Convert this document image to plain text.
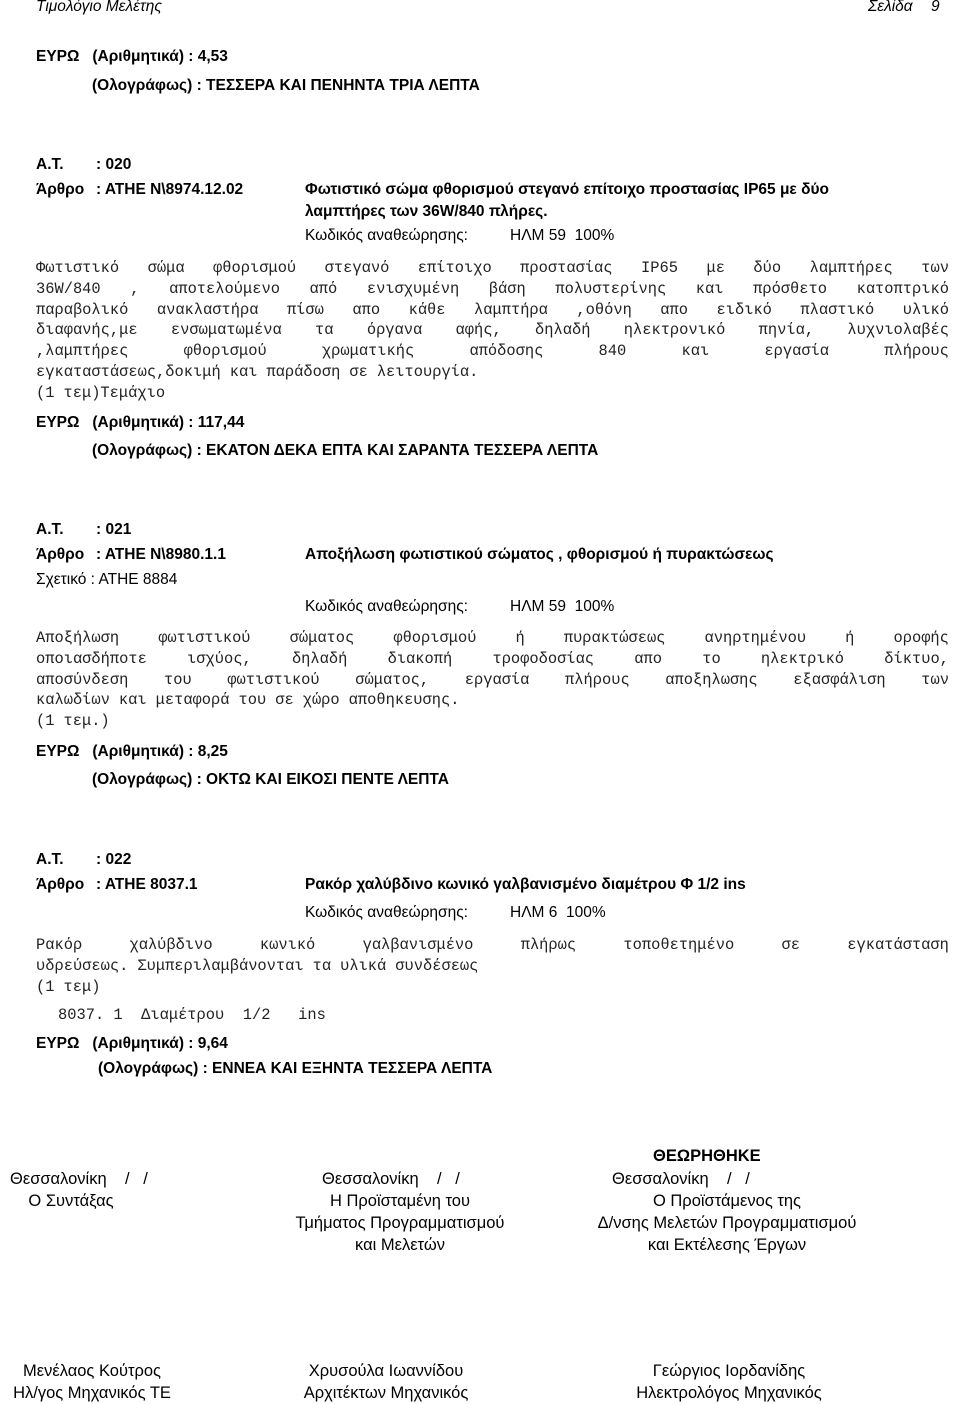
Τιμολόγιο Μελέτης	Σελίδα 9
ΕΥΡΩ   (Αριθμητικά) : 4,53
(Ολογράφως) : ΤΕΣΣΕΡΑ ΚΑΙ ΠΕΝΗΝΤΑ ΤΡΙΑ ΛΕΠΤΑ
Α.Τ. : 020
Άρθρο : ΑΤΗΕ Ν\8974.12.02	Φωτιστικό σώμα φθορισμού στεγανό επίτοιχο προστασίας IP65 με δύο
λαμπτήρες των 36W/840 πλήρες.
Κωδικός αναθεώρησης:	ΗΛΜ 59  100%
Φωτιστικό σώμα φθορισμού στεγανό επίτοιχο προστασίας IP65 με δύο λαμπτήρες των
36W/840 , αποτελούμενο από ενισχυμένη βάση πολυστερίνης και πρόσθετο κατοπτρικό
παραβολικό ανακλαστήρα πίσω απο κάθε λαμπτήρα ,οθόνη απο ειδικό πλαστικό υλικό
διαφανής,με ενσωματωμένα τα όργανα αφής, δηλαδή ηλεκτρονικό πηνία, λυχνιολαβές
,λαμπτήρες	φθορισμού	χρωματικής	απόδοσης	840	και	εργασία	πλήρους
εγκαταστάσεως,δοκιμή και παράδοση σε λειτουργία.
(1 τεμ)Τεμάχιο
ΕΥΡΩ   (Αριθμητικά) : 117,44
(Ολογράφως) : ΕΚΑΤΟΝ ΔΕΚΑ ΕΠΤΑ ΚΑΙ ΣΑΡΑΝΤΑ ΤΕΣΣΕΡΑ ΛΕΠΤΑ
Α.Τ. : 021
Άρθρο : ΑΤΗΕ Ν\8980.1.1	Αποξήλωση φωτιστικού σώματος , φθορισμού ή πυρακτώσεως
Σχετικό : ΑΤΗΕ 8884
Κωδικός αναθεώρησης:	ΗΛΜ 59  100%
Αποξήλωση	φωτιστικού	σώματος	φθορισμού	ή	πυρακτώσεως	ανηρτημένου	ή	οροφής
οποιασδήποτε	ισχύος,	δηλαδή	διακοπή	τροφοδοσίας	απο	το	ηλεκτρικό	δίκτυο,
αποσύνδεση του φωτιστικού σώματος, εργασία πλήρους αποξηλωσης εξασφάλιση των
καλωδίων και μεταφορά του σε χώρο αποθηκευσης.
(1 τεμ.)
ΕΥΡΩ   (Αριθμητικά) : 8,25
(Ολογράφως) : ΟΚΤΩ ΚΑΙ ΕΙΚΟΣΙ ΠΕΝΤΕ ΛΕΠΤΑ
Α.Τ. : 022
Άρθρο : ΑΤΗΕ 8037.1	Ρακόρ χαλύβδινο κωνικό γαλβανισμένο διαμέτρου Φ 1/2 ins
Κωδικός αναθεώρησης:	ΗΛΜ 6  100%
Ρακόρ	χαλύβδινο	κωνικό	γαλβανισμένο	πλήρως	τοποθετημένο	σε	εγκατάσταση
υδρεύσεως. Συμπεριλαμβάνονται τα υλικά συνδέσεως
(1 τεμ)
8037. 1  Διαμέτρου  1/2   ins
ΕΥΡΩ   (Αριθμητικά) : 9,64
(Ολογράφως) : ΕΝΝΕΑ ΚΑΙ ΕΞΗΝΤΑ ΤΕΣΣΕΡΑ ΛΕΠΤΑ
ΘΕΩΡΗΘΗΚΕ
Θεσσαλονίκη    /   /
Ο Συντάξας
Θεσσαλονίκη    /   /
Η Προϊσταμένη του
Τμήματος Προγραμματισμού
και Μελετών
Θεσσαλονίκη    /   /
Ο Προϊστάμενος της
Δ/νσης Μελετών Προγραμματισμού
και Εκτέλεσης Έργων
Μενέλαος Κούτρος
Ηλ/γος Μηχανικός ΤΕ
Χρυσούλα Ιωαννίδου
Αρχιτέκτων Μηχανικός
Γεώργιος Ιορδανίδης
Ηλεκτρολόγος Μηχανικός
